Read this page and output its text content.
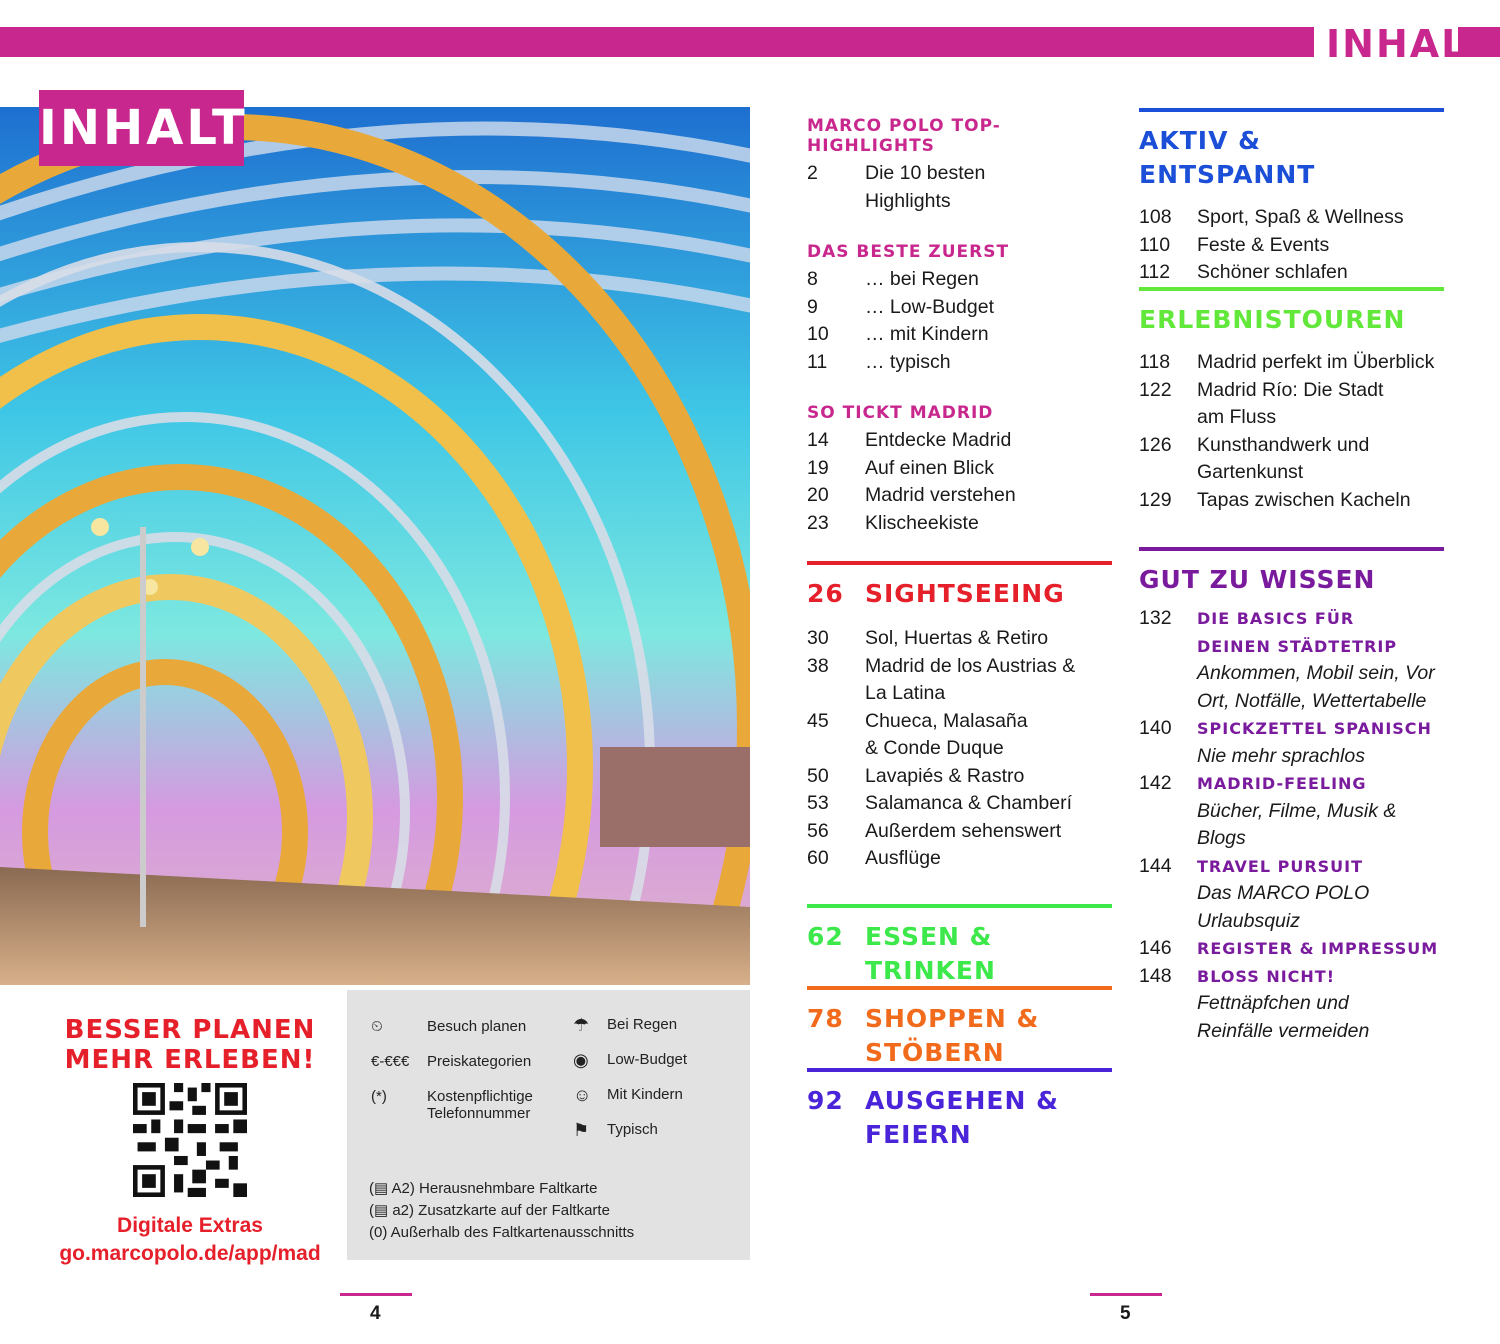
INHALT
INHALT
BESSER PLANEN
MEHR ERLEBEN!
Digitale Extras
go.marcopolo.de/app/mad
⏲	Besuch planen
€-€€€	Preiskategorien
(*)	Kostenpflichtige Telefonnummer
☂	Bei Regen
◉	Low-Budget
☺	Mit Kindern
⚑	Typisch
(▤ A2) Herausnehmbare Faltkarte
(▤ a2) Zusatzkarte auf der Faltkarte
(0) Außerhalb des Faltkartenausschnitts
MARCO POLO TOP-HIGHLIGHTS
2	Die 10 besten Highlights
DAS BESTE ZUERST
8	… bei Regen
9	… Low-Budget
10	… mit Kindern
11	… typisch
SO TICKT MADRID
14	Entdecke Madrid
19	Auf einen Blick
20	Madrid verstehen
23	Klischeekiste
26 SIGHTSEEING
30	Sol, Huertas & Retiro
38	Madrid de los Austrias & La Latina
45	Chueca, Malasaña & Conde Duque
50	Lavapiés & Rastro
53	Salamanca & Chamberí
56	Außerdem sehenswert
60	Ausflüge
62 ESSEN & TRINKEN
78 SHOPPEN & STÖBERN
92 AUSGEHEN & FEIERN
AKTIV & ENTSPANNT
108	Sport, Spaß & Wellness
110	Feste & Events
112	Schöner schlafen
ERLEBNISTOUREN
118	Madrid perfekt im Überblick
122	Madrid Río: Die Stadt am Fluss
126	Kunsthandwerk und Gartenkunst
129	Tapas zwischen Kacheln
GUT ZU WISSEN
132	DIE BASICS FÜR DEINEN STÄDTETRIP
Ankommen, Mobil sein, Vor Ort, Notfälle, Wettertabelle
140	SPICKZETTEL SPANISCH
Nie mehr sprachlos
142	MADRID-FEELING
Bücher, Filme, Musik & Blogs
144	TRAVEL PURSUIT
Das MARCO POLO Urlaubsquiz
146	REGISTER & IMPRESSUM
148	BLOSS NICHT!
Fettnäpfchen und Reinfälle vermeiden
4	5
